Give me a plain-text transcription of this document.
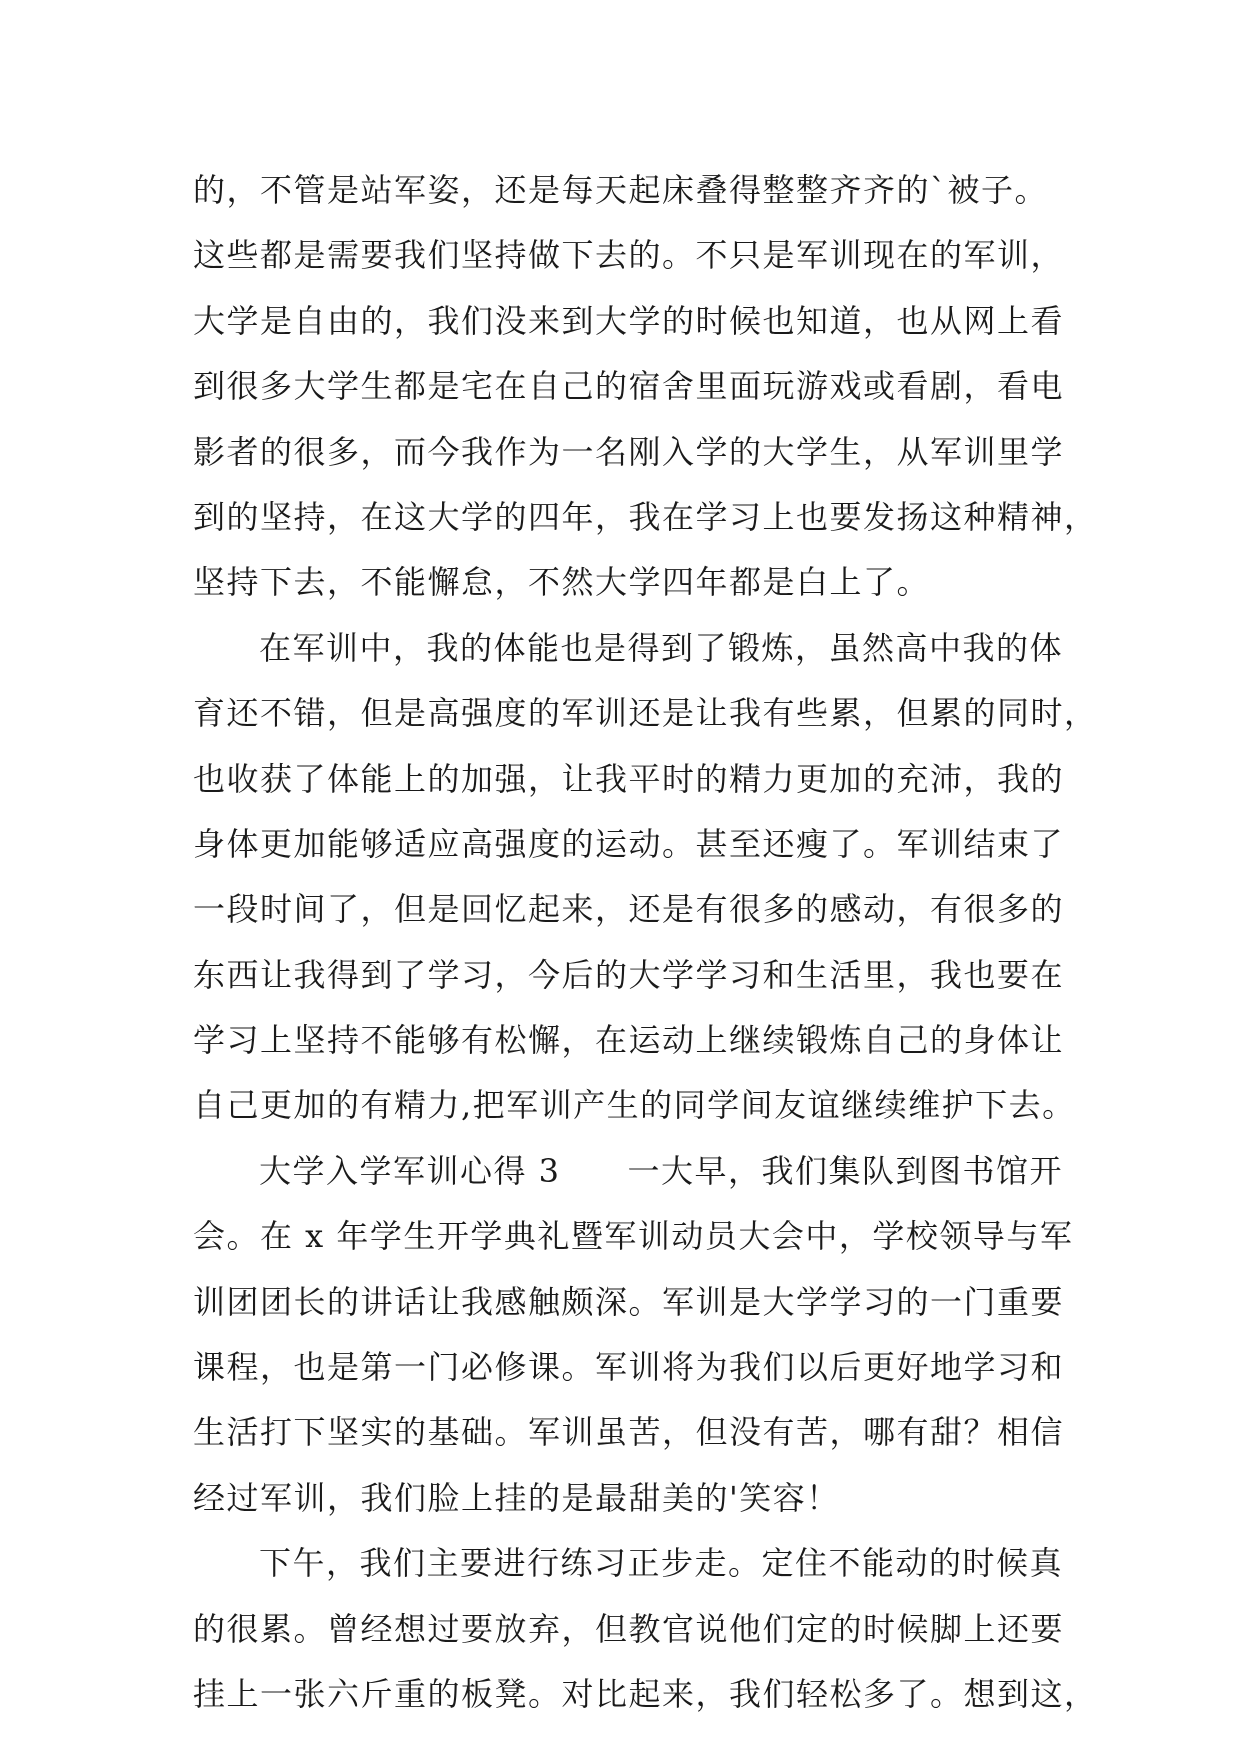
的，不管是站军姿，还是每天起床叠得整整齐齐的`被子。
这些都是需要我们坚持做下去的。不只是军训现在的军训，
大学是自由的，我们没来到大学的时候也知道，也从网上看
到很多大学生都是宅在自己的宿舍里面玩游戏或看剧，看电
影者的很多，而今我作为一名刚入学的大学生，从军训里学
到的坚持，在这大学的四年，我在学习上也要发扬这种精神，
坚持下去，不能懈怠，不然大学四年都是白上了。
在军训中，我的体能也是得到了锻炼，虽然高中我的体
育还不错，但是高强度的军训还是让我有些累，但累的同时，
也收获了体能上的加强，让我平时的精力更加的充沛，我的
身体更加能够适应高强度的运动。甚至还瘦了。军训结束了
一段时间了，但是回忆起来，还是有很多的感动，有很多的
东西让我得到了学习，今后的大学学习和生活里，我也要在
学习上坚持不能够有松懈，在运动上继续锻炼自己的身体让
自己更加的有精力,把军训产生的同学间友谊继续维护下去。
大学入学军训心得 3　　一大早，我们集队到图书馆开
会。在 x 年学生开学典礼暨军训动员大会中，学校领导与军
训团团长的讲话让我感触颇深。军训是大学学习的一门重要
课程，也是第一门必修课。军训将为我们以后更好地学习和
生活打下坚实的基础。军训虽苦，但没有苦，哪有甜？相信
经过军训，我们脸上挂的是最甜美的'笑容！
下午，我们主要进行练习正步走。定住不能动的时候真
的很累。曾经想过要放弃，但教官说他们定的时候脚上还要
挂上一张六斤重的板凳。对比起来，我们轻松多了。想到这，
